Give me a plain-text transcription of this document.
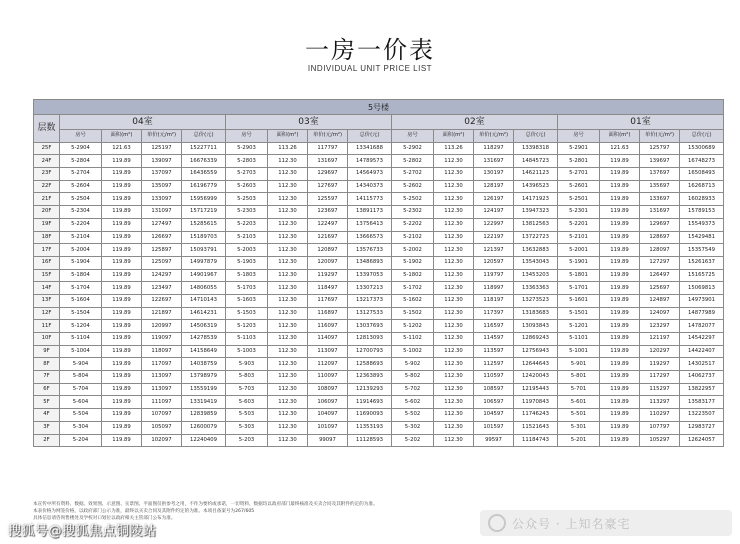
一房一价表
INDIVIDUAL UNIT PRICE LIST
5号楼																
层数	04室				03室				02室				01室			
	房号	面积(m²)	单价(元/m²)	总价(元)	房号	面积(m²)	单价(元/m²)	总价(元)	房号	面积(m²)	单价(元/m²)	总价(元)	房号	面积(m²)	单价(元/m²)	总价(元)
25F	5-2904	121.63	125197	15227711	5-2903	113.26	117797	13341688	5-2902	113.26	118297	13398318	5-2901	121.63	125797	15300689
24F	5-2804	119.89	139097	16676339	5-2803	112.30	131697	14789573	5-2802	112.30	131697	14845723	5-2801	119.89	139697	16748273
23F	5-2704	119.89	137097	16436559	5-2703	112.30	129697	14564973	5-2702	112.30	130197	14621123	5-2701	119.89	137697	16508493
22F	5-2604	119.89	135097	16196779	5-2603	112.30	127697	14340373	5-2602	112.30	128197	14396523	5-2601	119.89	135697	16268713
21F	5-2504	119.89	133097	15956999	5-2503	112.30	125597	14115773	5-2502	112.30	126197	14171923	5-2501	119.89	133697	16028933
20F	5-2304	119.89	131097	15717219	5-2303	112.30	123697	13891173	5-2302	112.30	124197	13947323	5-2301	119.89	131697	15789153
19F	5-2204	119.89	127497	15285615	5-2203	112.30	122497	13756413	5-2202	112.30	122997	13812563	5-2201	119.89	129697	15549373
18F	5-2104	119.89	126697	15189703	5-2103	112.30	121697	13666573	5-2102	112.30	122197	13722723	5-2101	119.89	128697	15429481
17F	5-2004	119.89	125897	15093791	5-2003	112.30	120897	13576733	5-2002	112.30	121397	13632883	5-2001	119.89	128097	15357549
16F	5-1904	119.89	125097	14997879	5-1903	112.30	120097	13486893	5-1902	112.30	120597	13543043	5-1901	119.89	127297	15261637
15F	5-1804	119.89	124297	14901967	5-1803	112.30	119297	13397053	5-1802	112.30	119797	13453203	5-1801	119.89	126497	15165725
14F	5-1704	119.89	123497	14806055	5-1703	112.30	118497	13307213	5-1702	112.30	118997	13363363	5-1701	119.89	125697	15069813
13F	5-1604	119.89	122697	14710143	5-1603	112.30	117697	13217373	5-1602	112.30	118197	13273523	5-1601	119.89	124897	14973901
12F	5-1504	119.89	121897	14614231	5-1503	112.30	116897	13127533	5-1502	112.30	117397	13183683	5-1501	119.89	124097	14877989
11F	5-1204	119.89	120997	14506319	5-1203	112.30	116097	13037693	5-1202	112.30	116597	13093843	5-1201	119.89	123297	14782077
10F	5-1104	119.89	119097	14278539	5-1103	112.30	114097	12813093	5-1102	112.30	114597	12869243	5-1101	119.89	121197	14542297
9F	5-1004	119.89	118097	14158649	5-1003	112.30	113097	12700793	5-1002	112.30	113597	12756943	5-1001	119.89	120297	14422407
8F	5-904	119.89	117097	14038759	5-903	112.30	112097	12588693	5-902	112.30	112597	12644643	5-901	119.89	119297	14302517
7F	5-804	119.89	113097	13798979	5-803	112.30	110097	12363893	5-802	112.30	110597	12420043	5-801	119.89	117297	14062737
6F	5-704	119.89	113097	13559199	5-703	112.30	108097	12139293	5-702	112.30	108597	12195443	5-701	119.89	115297	13822957
5F	5-604	119.89	111097	13319419	5-603	112.30	106097	11914693	5-602	112.30	106597	11970843	5-601	119.89	113297	13583177
4F	5-504	119.89	107097	12839859	5-503	112.30	104097	11690093	5-502	112.30	104597	11746243	5-501	119.89	110297	13223507
3F	5-304	119.89	105097	12600079	5-303	112.30	101097	11353193	5-302	112.30	101597	11521643	5-301	119.89	107797	12983727
2F	5-204	119.89	102097	12240409	5-203	112.30	99097	11128593	5-202	112.30	99597	11184743	5-201	119.89	105297	12624057
本宣传中所有资料、数据、效果图、示意图、实景图、平面图仅供参考之用，不作为要约或承诺，一切资料、数据均以政府部门最终核准及买卖合同及其附件约定的为准。
本表价格为网签价格，以政府部门公示为准，最终以买卖合同及其附件约定的为准。本项目备案号为267/605
具体信息请咨询售楼处及学校对口划位以政府相关主管部门公布为准。
搜狐号@搜狐焦点铜陵站	公众号 · 上知名豪宅
